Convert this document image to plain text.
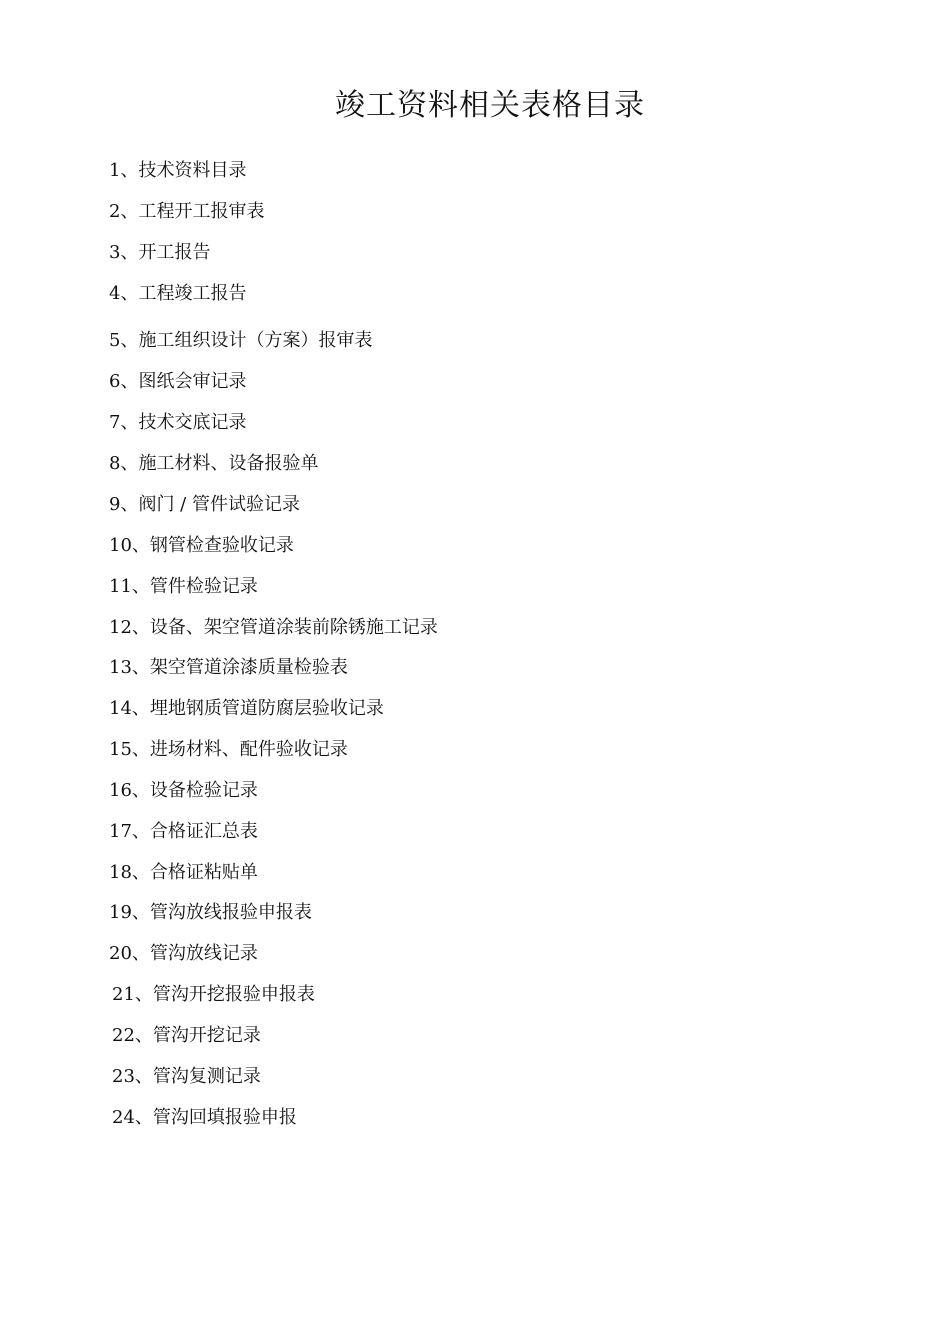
竣工资料相关表格目录
1、技术资料目录
2、工程开工报审表
3、开工报告
4、工程竣工报告
5、施工组织设计（方案）报审表
6、图纸会审记录
7、技术交底记录
8、施工材料、设备报验单
9、阀门 / 管件试验记录
10、钢管检查验收记录
11、管件检验记录
12、设备、架空管道涂装前除锈施工记录
13、架空管道涂漆质量检验表
14、埋地钢质管道防腐层验收记录
15、进场材料、配件验收记录
16、设备检验记录
17、合格证汇总表
18、合格证粘贴单
19、管沟放线报验申报表
20、管沟放线记录
21、管沟开挖报验申报表
22、管沟开挖记录
23、管沟复测记录
24、管沟回填报验申报
